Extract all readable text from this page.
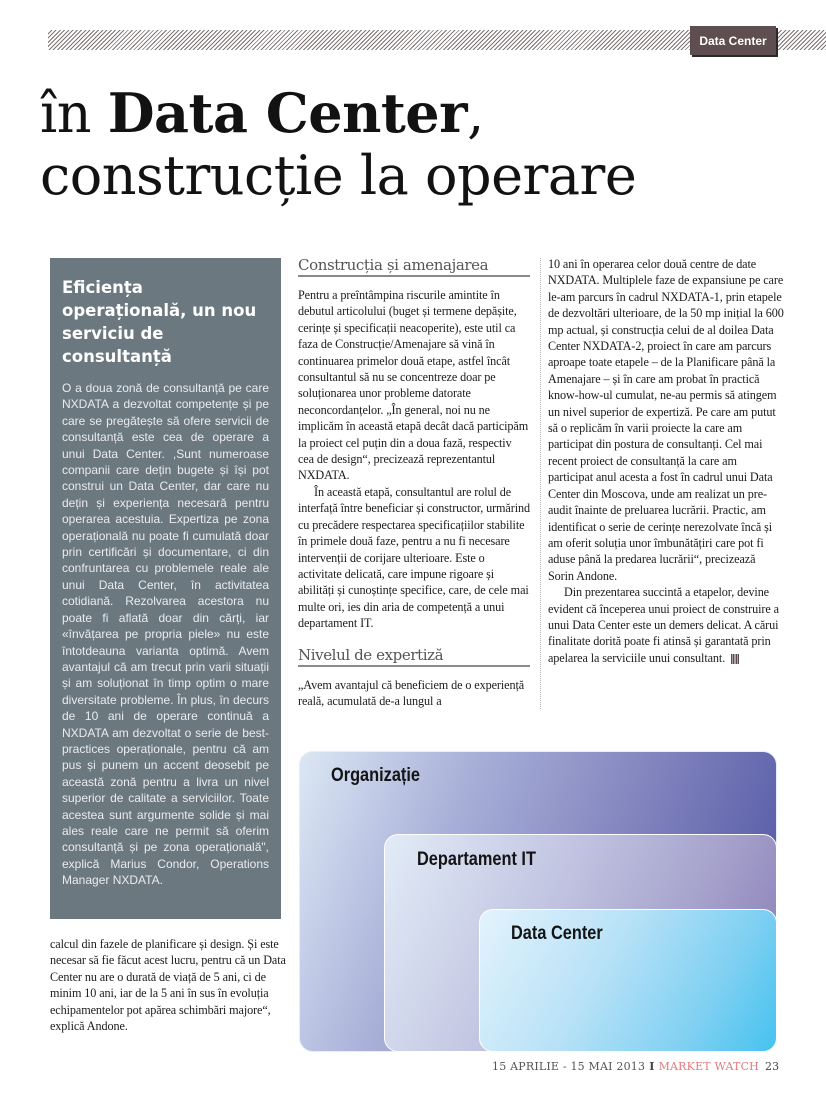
Data Center
în Data Center,
construcție la operare
Eficiența operațională, un nou serviciu de consultanță

O a doua zonă de consultanță pe care NXDATA a dezvoltat competențe și pe care se pregătește să ofere servicii de consultanță este cea de operare a unui Data Center. ,Sunt numeroase companii care dețin bugete și își pot construi un Data Center, dar care nu dețin și experiența necesară pentru operarea acestuia. Expertiza pe zona operațională nu poate fi cumulată doar prin certificări și documentare, ci din confruntarea cu problemele reale ale unui Data Center, în activitatea cotidiană. Rezolvarea acestora nu poate fi aflată doar din cărți, iar «învățarea pe propria piele» nu este întotdeauna varianta optimă. Avem avantajul că am trecut prin varii situații și am soluționat în timp optim o mare diversitate probleme. În plus, în decurs de 10 ani de operare continuă a NXDATA am dezvoltat o serie de best-practices operaționale, pentru că am pus și punem un accent deosebit pe această zonă pentru a livra un nivel superior de calitate a serviciilor. Toate acestea sunt argumente solide și mai ales reale care ne permit să oferim consultanță și pe zona operațională", explică Marius Condor, Operations Manager NXDATA.

calcul din fazele de planificare și design. Și este necesar să fie făcut acest lucru, pentru că un Data Center nu are o durată de viață de 5 ani, ci de minim 10 ani, iar de la 5 ani în sus în evoluția echipamentelor pot apărea schimbări majore“, explică Andone.

Construcția și amenajarea

Pentru a preîntâmpina riscurile amintite în debutul articolului (buget și termene depășite, cerințe și specificații neacoperite), este util ca faza de Construcție/Amenajare să vină în continuarea primelor două etape, astfel încât consultantul să nu se concentreze doar pe soluționarea unor probleme datorate neconcordanțelor. „În general, noi nu ne implicăm în această etapă decât dacă participăm la proiect cel puțin din a doua fază, respectiv cea de design“, precizează reprezentantul NXDATA.

În această etapă, consultantul are rolul de interfață între beneficiar și constructor, urmărind cu precădere respectarea specificațiilor stabilite în primele două faze, pentru a nu fi necesare intervenții de corijare ulterioare. Este o activitate delicată, care impune rigoare și abilități și cunoștințe specifice, care, de cele mai multe ori, ies din aria de competență a unui departament IT.

Nivelul de expertiză

„Avem avantajul că beneficiem de o experiență reală, acumulată de-a lungul a

10 ani în operarea celor două centre de date NXDATA. Multiplele faze de expansiune pe care le-am parcurs în cadrul NXDATA-1, prin etapele de dezvoltări ulterioare, de la 50 mp inițial la 600 mp actual, și construcția celui de al doilea Data Center NXDATA-2, proiect în care am parcurs aproape toate etapele – de la Planificare până la Amenajare – și în care am probat în practică know-how-ul cumulat, ne-au permis să atingem un nivel superior de expertiză. Pe care am putut să o replicăm în varii proiecte la care am participat din postura de consultanți. Cel mai recent proiect de consultanță la care am participat anul acesta a fost în cadrul unui Data Center din Moscova, unde am realizat un pre-audit înainte de preluarea lucrării. Practic, am identificat o serie de cerințe nerezolvate încă și am oferit soluția unor îmbunătățiri care pot fi aduse până la predarea lucrării“, precizează Sorin Andone.

Din prezentarea succintă a etapelor, devine evident că începerea unui proiect de construire a unui Data Center este un demers delicat. A cărui finalitate dorită poate fi atinsă și garantată prin apelarea la serviciile unui consultant.

Organizație
Departament IT
Data Center
15 APRILIE - 15 MAI 2013 I MARKET WATCH 23
